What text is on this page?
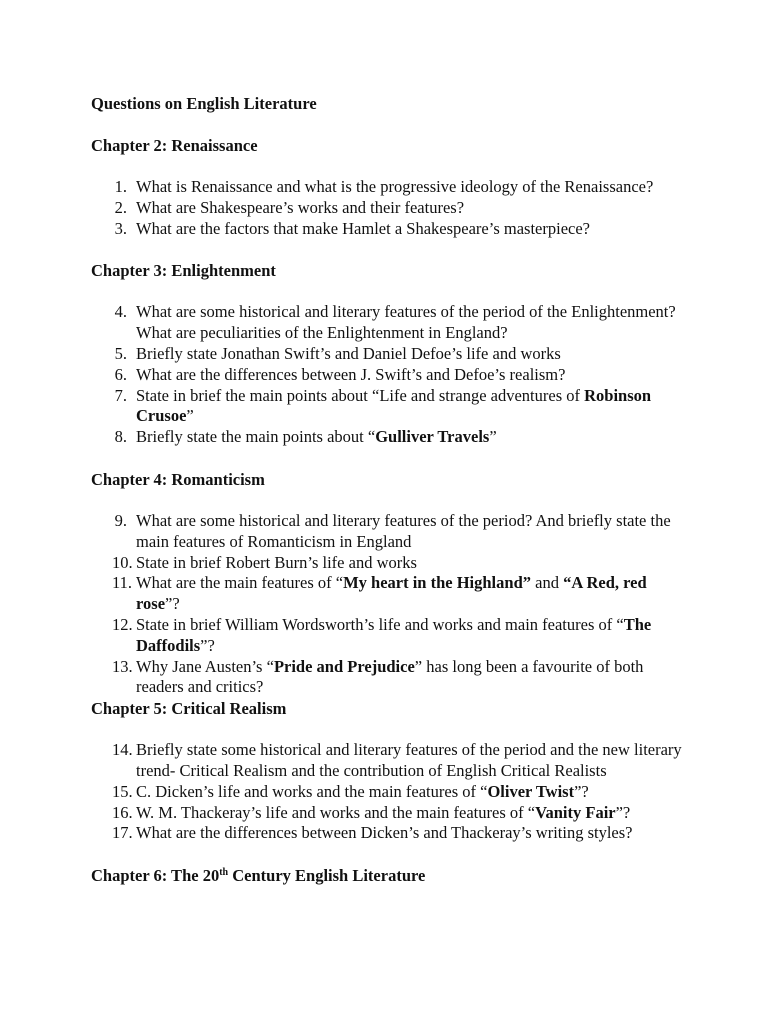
Questions on English Literature
Chapter 2: Renaissance
1. What is Renaissance and what is the progressive ideology of the Renaissance?
2. What are Shakespeare’s works and their features?
3. What are the factors that make Hamlet a Shakespeare’s masterpiece?
Chapter 3: Enlightenment
4. What are some historical and literary features of the period of the Enlightenment? What are peculiarities of the Enlightenment in England?
5. Briefly state Jonathan Swift’s and Daniel Defoe’s life and works
6. What are the differences between J. Swift’s and Defoe’s realism?
7. State in brief the main points about “Life and strange adventures of Robinson Crusoe”
8. Briefly state the main points about “Gulliver Travels”
Chapter 4: Romanticism
9. What are some historical and literary features of the period? And briefly state the main features of Romanticism in England
10. State in brief Robert Burn’s life and works
11. What are the main features of “My heart in the Highland” and “A Red, red rose”?
12. State in brief William Wordsworth’s life and works and main features of “The Daffodils”?
13. Why Jane Austen’s “Pride and Prejudice” has long been a favourite of both readers and critics?
Chapter 5: Critical Realism
14. Briefly state some historical and literary features of the period and the new literary trend- Critical Realism and the contribution of English Critical Realists
15. C. Dicken’s life and works and the main features of “Oliver Twist”?
16. W. M. Thackeray’s life and works and the main features of “Vanity Fair”?
17. What are the differences between Dicken’s and Thackeray’s writing styles?
Chapter 6: The 20th Century English Literature
